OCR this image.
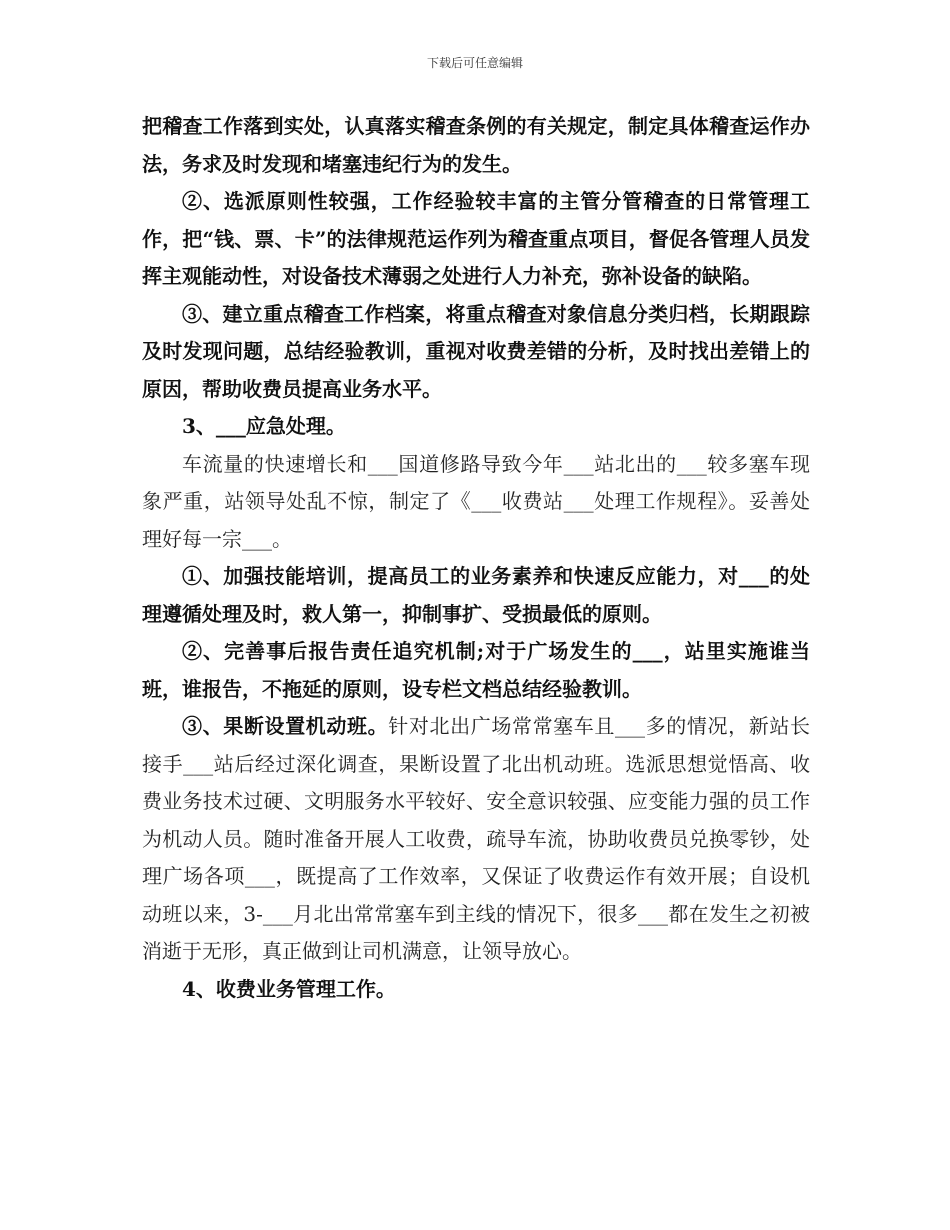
下载后可任意编辑

把稽查工作落到实处，认真落实稽查条例的有关规定，制定具体稽查运作办法，务求及时发现和堵塞违纪行为的发生。

②、选派原则性较强，工作经验较丰富的主管分管稽查的日常管理工作，把“钱、票、卡”的法律规范运作列为稽查重点项目，督促各管理人员发挥主观能动性，对设备技术薄弱之处进行人力补充，弥补设备的缺陷。

③、建立重点稽查工作档案，将重点稽查对象信息分类归档，长期跟踪及时发现问题，总结经验教训，重视对收费差错的分析，及时找出差错上的原因，帮助收费员提高业务水平。

3、___应急处理。

车流量的快速增长和___国道修路导致今年___站北出的___较多塞车现象严重，站领导处乱不惊，制定了《___收费站___处理工作规程》。妥善处理好每一宗___。

①、加强技能培训，提高员工的业务素养和快速反应能力，对___的处理遵循处理及时，救人第一，抑制事扩、受损最低的原则。

②、完善事后报告责任追究机制;对于广场发生的___，站里实施谁当班，谁报告，不拖延的原则，设专栏文档总结经验教训。

③、果断设置机动班。针对北出广场常常塞车且___多的情况，新站长接手___站后经过深化调查，果断设置了北出机动班。选派思想觉悟高、收费业务技术过硬、文明服务水平较好、安全意识较强、应变能力强的员工作为机动人员。随时准备开展人工收费，疏导车流，协助收费员兑换零钞，处理广场各项___，既提高了工作效率，又保证了收费运作有效开展；自设机动班以来，3-___月北出常常塞车到主线的情况下，很多___都在发生之初被消逝于无形，真正做到让司机满意，让领导放心。

4、收费业务管理工作。
